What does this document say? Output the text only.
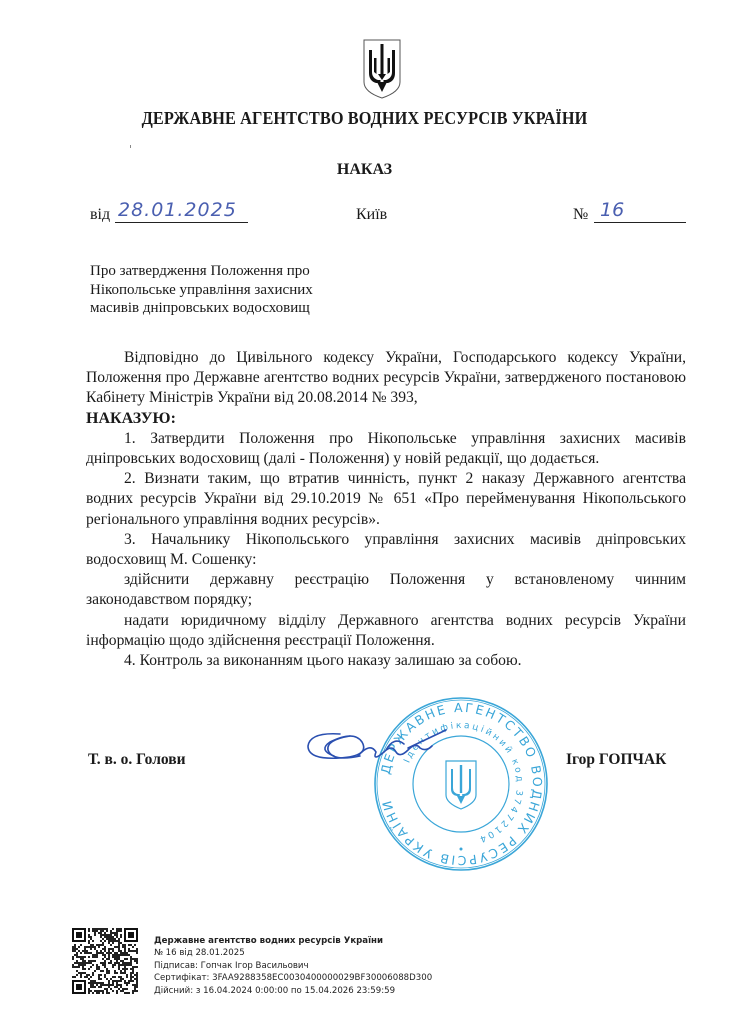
ДЕРЖАВНЕ АГЕНТСТВО ВОДНИХ РЕСУРСІВ УКРАЇНИ
НАКАЗ
від 28.01.2025	Київ	№ 16
Про затвердження Положення про
Нікопольське управління захисних
масивів дніпровських водосховищ

Відповідно до Цивільного кодексу України, Господарського кодексу України, Положення про Державне агентство водних ресурсів України, затвердженого постановою Кабінету Міністрів України від 20.08.2014 № 393,

НАКАЗУЮ:

1. Затвердити Положення про Нікопольське управління захисних масивів дніпровських водосховищ (далі - Положення) у новій редакції, що додається.

2. Визнати таким, що втратив чинність, пункт 2 наказу Державного агентства водних ресурсів України від 29.10.2019 № 651 «Про перейменування Нікопольського регіонального управління водних ресурсів».

3. Начальнику Нікопольського управління захисних масивів дніпровських водосховищ М. Сошенку:

здійснити державну реєстрацію Положення у встановленому чинним законодавством порядку;

надати юридичному відділу Державного агентства водних ресурсів України інформацію щодо здійснення реєстрації Положення.

4. Контроль за виконанням цього наказу залишаю за собою.

Т. в. о. Голови
ДЕРЖАВНЕ АГЕНТСТВО ВОДНИХ РЕСУРСІВ УКРАЇНИ
Ідентифікаційний код 37472104
Ігор ГОПЧАК
Державне агентство водних ресурсів України
№ 16 від 28.01.2025
Підписав: Гопчак Ігор Васильович
Сертифікат: 3FAA9288358EC0030400000029BF30006088D300
Дійсний: з 16.04.2024 0:00:00 по 15.04.2026 23:59:59
